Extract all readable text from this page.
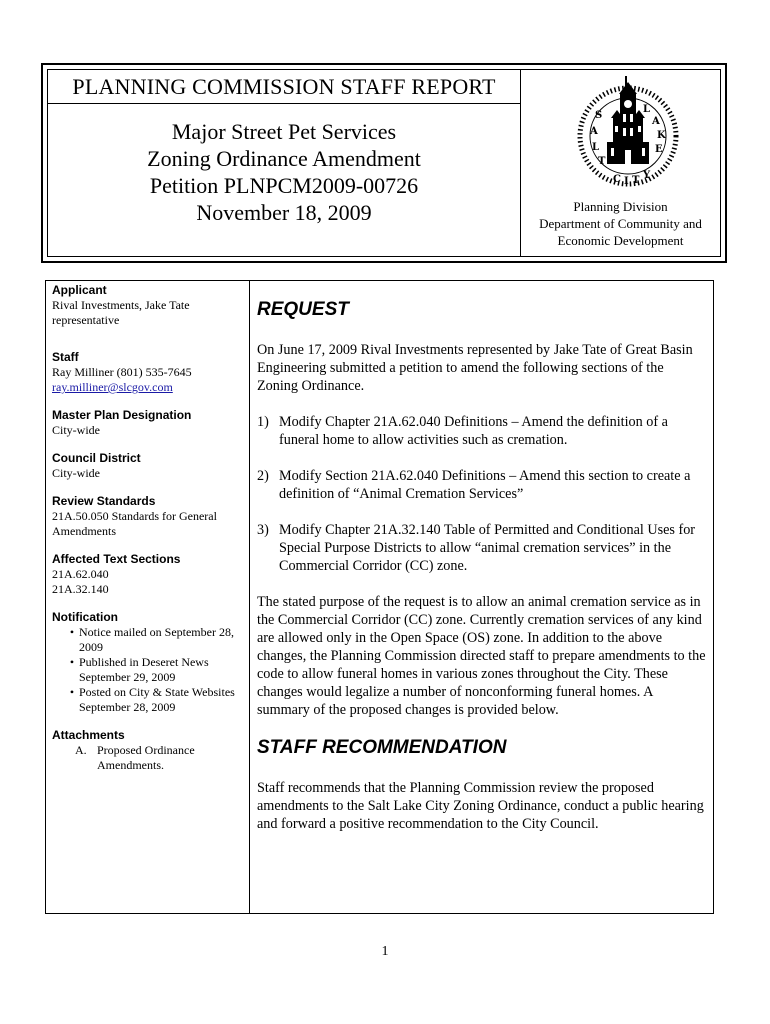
PLANNING COMMISSION STAFF REPORT
Major Street Pet Services
Zoning Ordinance Amendment
Petition PLNPCM2009-00726
November 18, 2009
S
A
L
T
L
A
K
E
C I T Y
Planning Division
Department of Community and
Economic Development
Applicant
Rival Investments, Jake Tate
representative
Staff
Ray Milliner (801) 535-7645
ray.milliner@slcgov.com
Master Plan Designation
City-wide
Council District
City-wide
Review Standards
21A.50.050 Standards for General
Amendments
Affected Text Sections
21A.62.040
21A.32.140
Notification
• Notice mailed on September 28,
2009
• Published in Deseret News
September 29, 2009
• Posted on City & State Websites
September 28, 2009
Attachments
A. Proposed Ordinance
Amendments.
REQUEST

On June 17, 2009 Rival Investments represented by Jake Tate of Great Basin Engineering submitted a petition to amend the following sections of the Zoning Ordinance.

1) Modify Chapter 21A.62.040 Definitions – Amend the definition of a funeral home to allow activities such as cremation.
2) Modify Section 21A.62.040 Definitions – Amend this section to create a definition of “Animal Cremation Services”
3) Modify Chapter 21A.32.140 Table of Permitted and Conditional Uses for Special Purpose Districts to allow “animal cremation services” in the Commercial Corridor (CC) zone.

The stated purpose of the request is to allow an animal cremation service as in the Commercial Corridor (CC) zone. Currently cremation services of any kind are allowed only in the Open Space (OS) zone. In addition to the above changes, the Planning Commission directed staff to prepare amendments to the code to allow funeral homes in various zones throughout the City. These changes would legalize a number of nonconforming funeral homes. A summary of the proposed changes is provided below.

STAFF RECOMMENDATION

Staff recommends that the Planning Commission review the proposed amendments to the Salt Lake City Zoning Ordinance, conduct a public hearing and forward a positive recommendation to the City Council.

1
